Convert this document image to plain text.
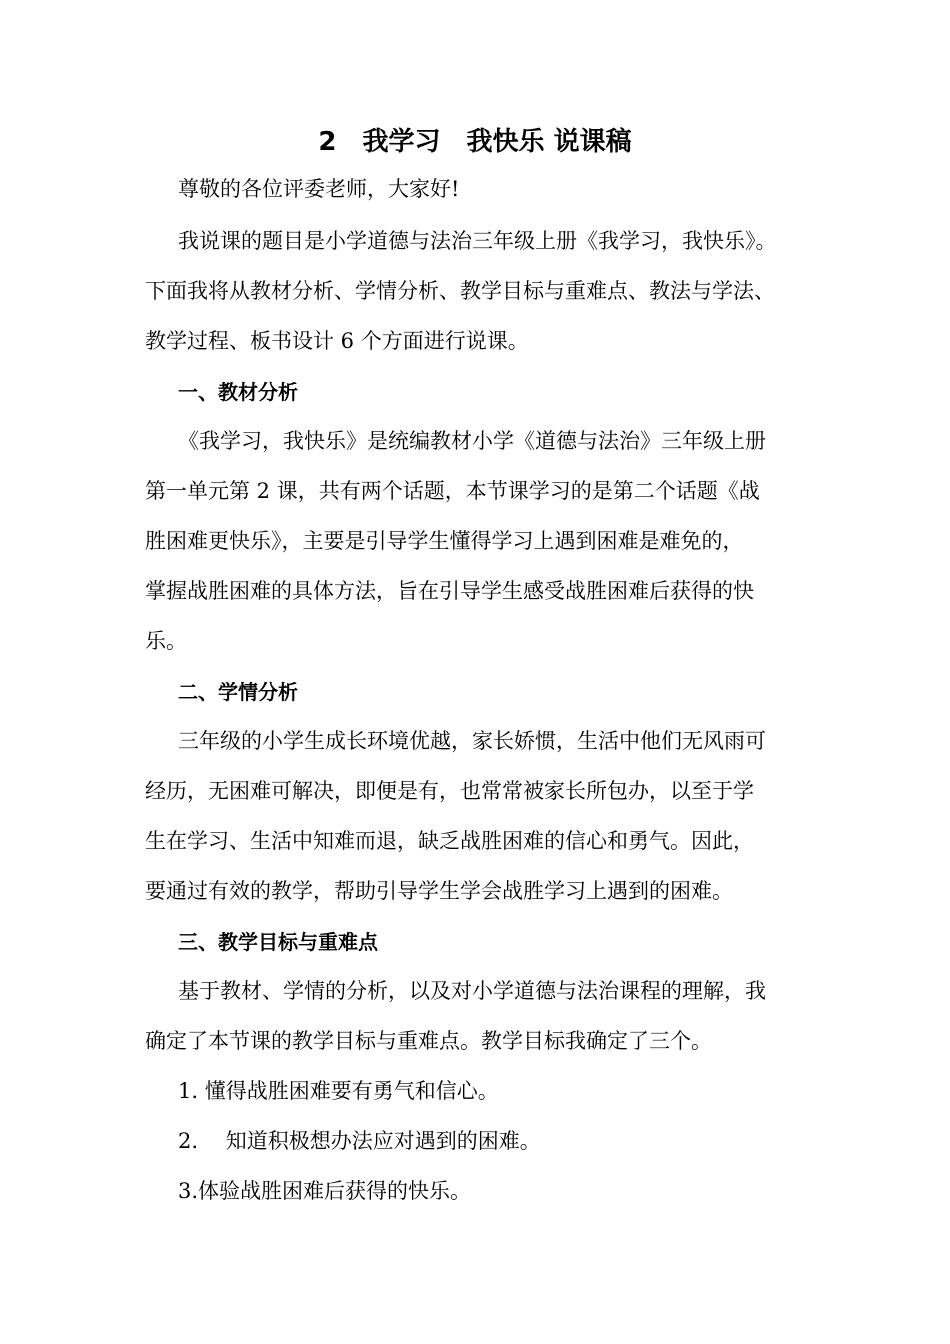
2　我学习　我快乐 说课稿
尊敬的各位评委老师，大家好!
我说课的题目是小学道德与法治三年级上册《我学习，我快乐》。
下面我将从教材分析、学情分析、教学目标与重难点、教法与学法、
教学过程、板书设计 6 个方面进行说课。
一、教材分析
《我学习，我快乐》是统编教材小学《道德与法治》三年级上册
第一单元第 2 课，共有两个话题，本节课学习的是第二个话题《战
胜困难更快乐》，主要是引导学生懂得学习上遇到困难是难免的，
掌握战胜困难的具体方法，旨在引导学生感受战胜困难后获得的快
乐。
二、学情分析
三年级的小学生成长环境优越，家长娇惯，生活中他们无风雨可
经历，无困难可解决，即便是有，也常常被家长所包办，以至于学
生在学习、生活中知难而退，缺乏战胜困难的信心和勇气。因此，
要通过有效的教学，帮助引导学生学会战胜学习上遇到的困难。
三、教学目标与重难点
基于教材、学情的分析，以及对小学道德与法治课程的理解，我
确定了本节课的教学目标与重难点。教学目标我确定了三个。
1. 懂得战胜困难要有勇气和信心。
2.　 知道积极想办法应对遇到的困难。
3.体验战胜困难后获得的快乐。
